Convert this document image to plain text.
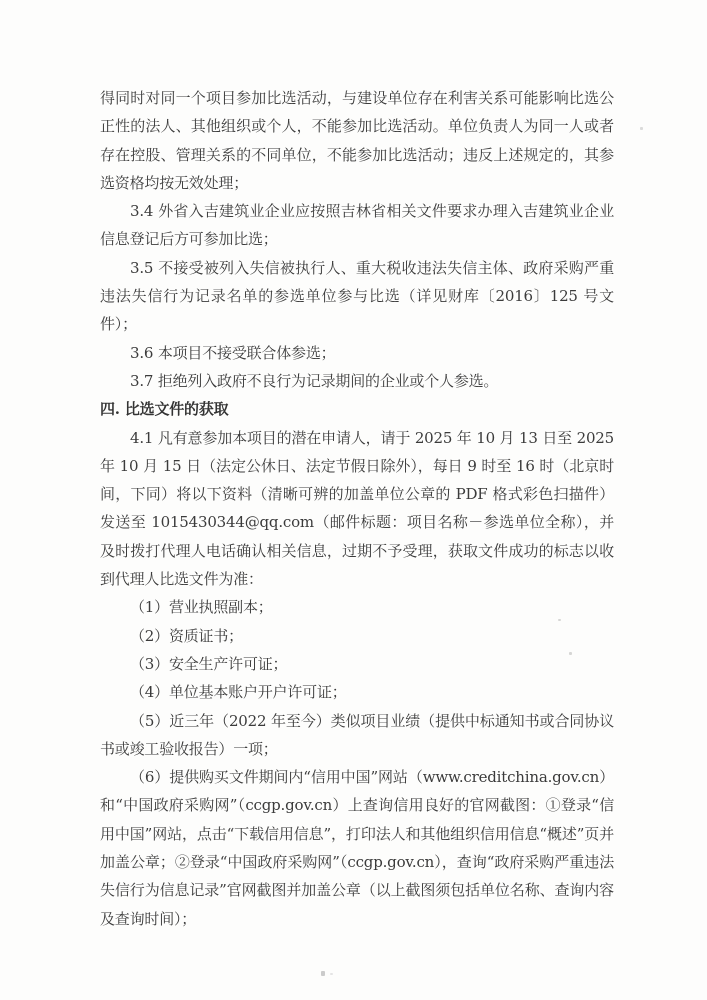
得同时对同一个项目参加比选活动，与建设单位存在利害关系可能影响比选公正性的法人、其他组织或个人，不能参加比选活动。单位负责人为同一人或者存在控股、管理关系的不同单位，不能参加比选活动；违反上述规定的，其参选资格均按无效处理；

3.4 外省入吉建筑业企业应按照吉林省相关文件要求办理入吉建筑业企业信息登记后方可参加比选；

3.5 不接受被列入失信被执行人、重大税收违法失信主体、政府采购严重违法失信行为记录名单的参选单位参与比选（详见财库〔2016〕125 号文件）；

3.6 本项目不接受联合体参选；

3.7 拒绝列入政府不良行为记录期间的企业或个人参选。

四. 比选文件的获取

4.1 凡有意参加本项目的潜在申请人，请于 2025 年 10 月 13 日至 2025 年 10 月 15 日（法定公休日、法定节假日除外），每日 9 时至 16 时（北京时间，下同）将以下资料（清晰可辨的加盖单位公章的 PDF 格式彩色扫描件）发送至 1015430344@qq.com（邮件标题：项目名称－参选单位全称），并及时拨打代理人电话确认相关信息，过期不予受理，获取文件成功的标志以收到代理人比选文件为准：

（1）营业执照副本；

（2）资质证书；

（3）安全生产许可证；

（4）单位基本账户开户许可证；

（5）近三年（2022 年至今）类似项目业绩（提供中标通知书或合同协议书或竣工验收报告）一项；

（6）提供购买文件期间内“信用中国”网站（www.creditchina.gov.cn）和“中国政府采购网”（ccgp.gov.cn）上查询信用良好的官网截图：①登录“信用中国”网站，点击“下载信用信息”，打印法人和其他组织信用信息“概述”页并加盖公章；②登录“中国政府采购网”（ccgp.gov.cn），查询“政府采购严重违法失信行为信息记录”官网截图并加盖公章（以上截图须包括单位名称、查询内容及查询时间）；
